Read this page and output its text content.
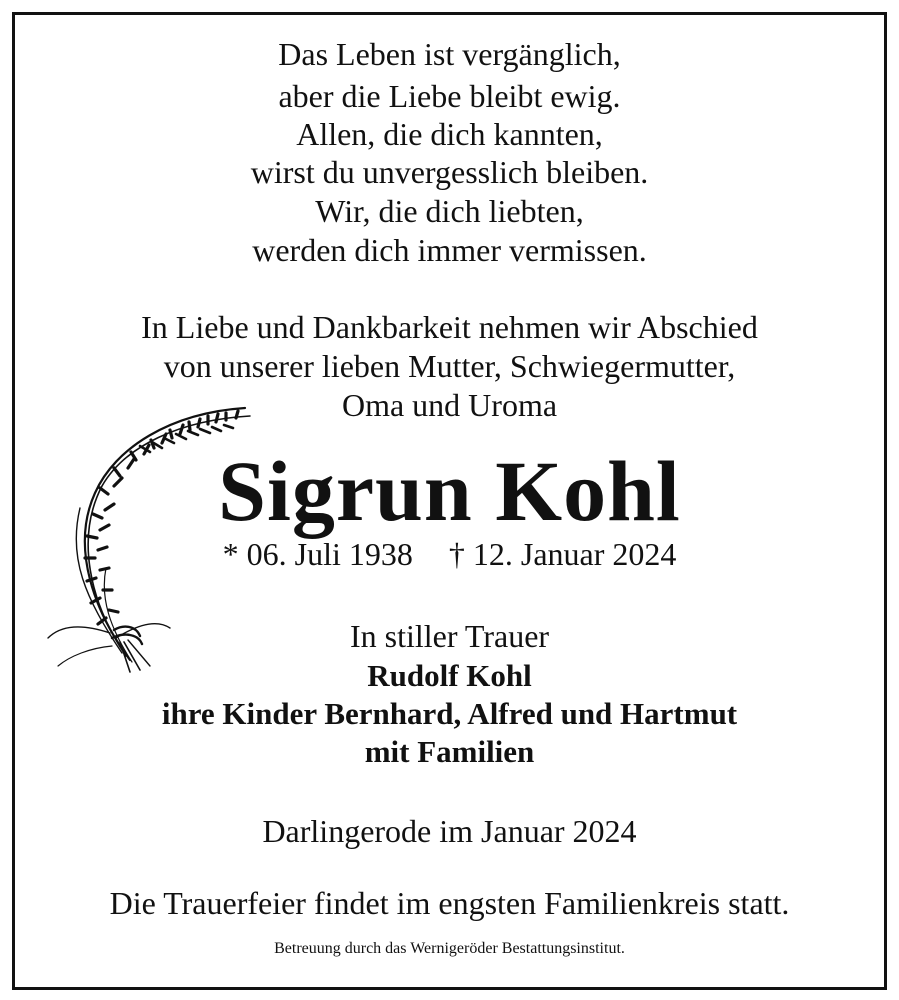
Das Leben ist vergänglich,
aber die Liebe bleibt ewig.
Allen, die dich kannten,
wirst du unvergesslich bleiben.
Wir, die dich liebten,
werden dich immer vermissen.
In Liebe und Dankbarkeit nehmen wir Abschied
von unserer lieben Mutter, Schwiegermutter,
Oma und Uroma
Sigrun Kohl
* 06. Juli 1938 † 12. Januar 2024
In stiller Trauer
Rudolf Kohl
ihre Kinder Bernhard, Alfred und Hartmut
mit Familien
Darlingerode im Januar 2024
Die Trauerfeier findet im engsten Familienkreis statt.
Betreuung durch das Wernigeröder Bestattungsinstitut.
